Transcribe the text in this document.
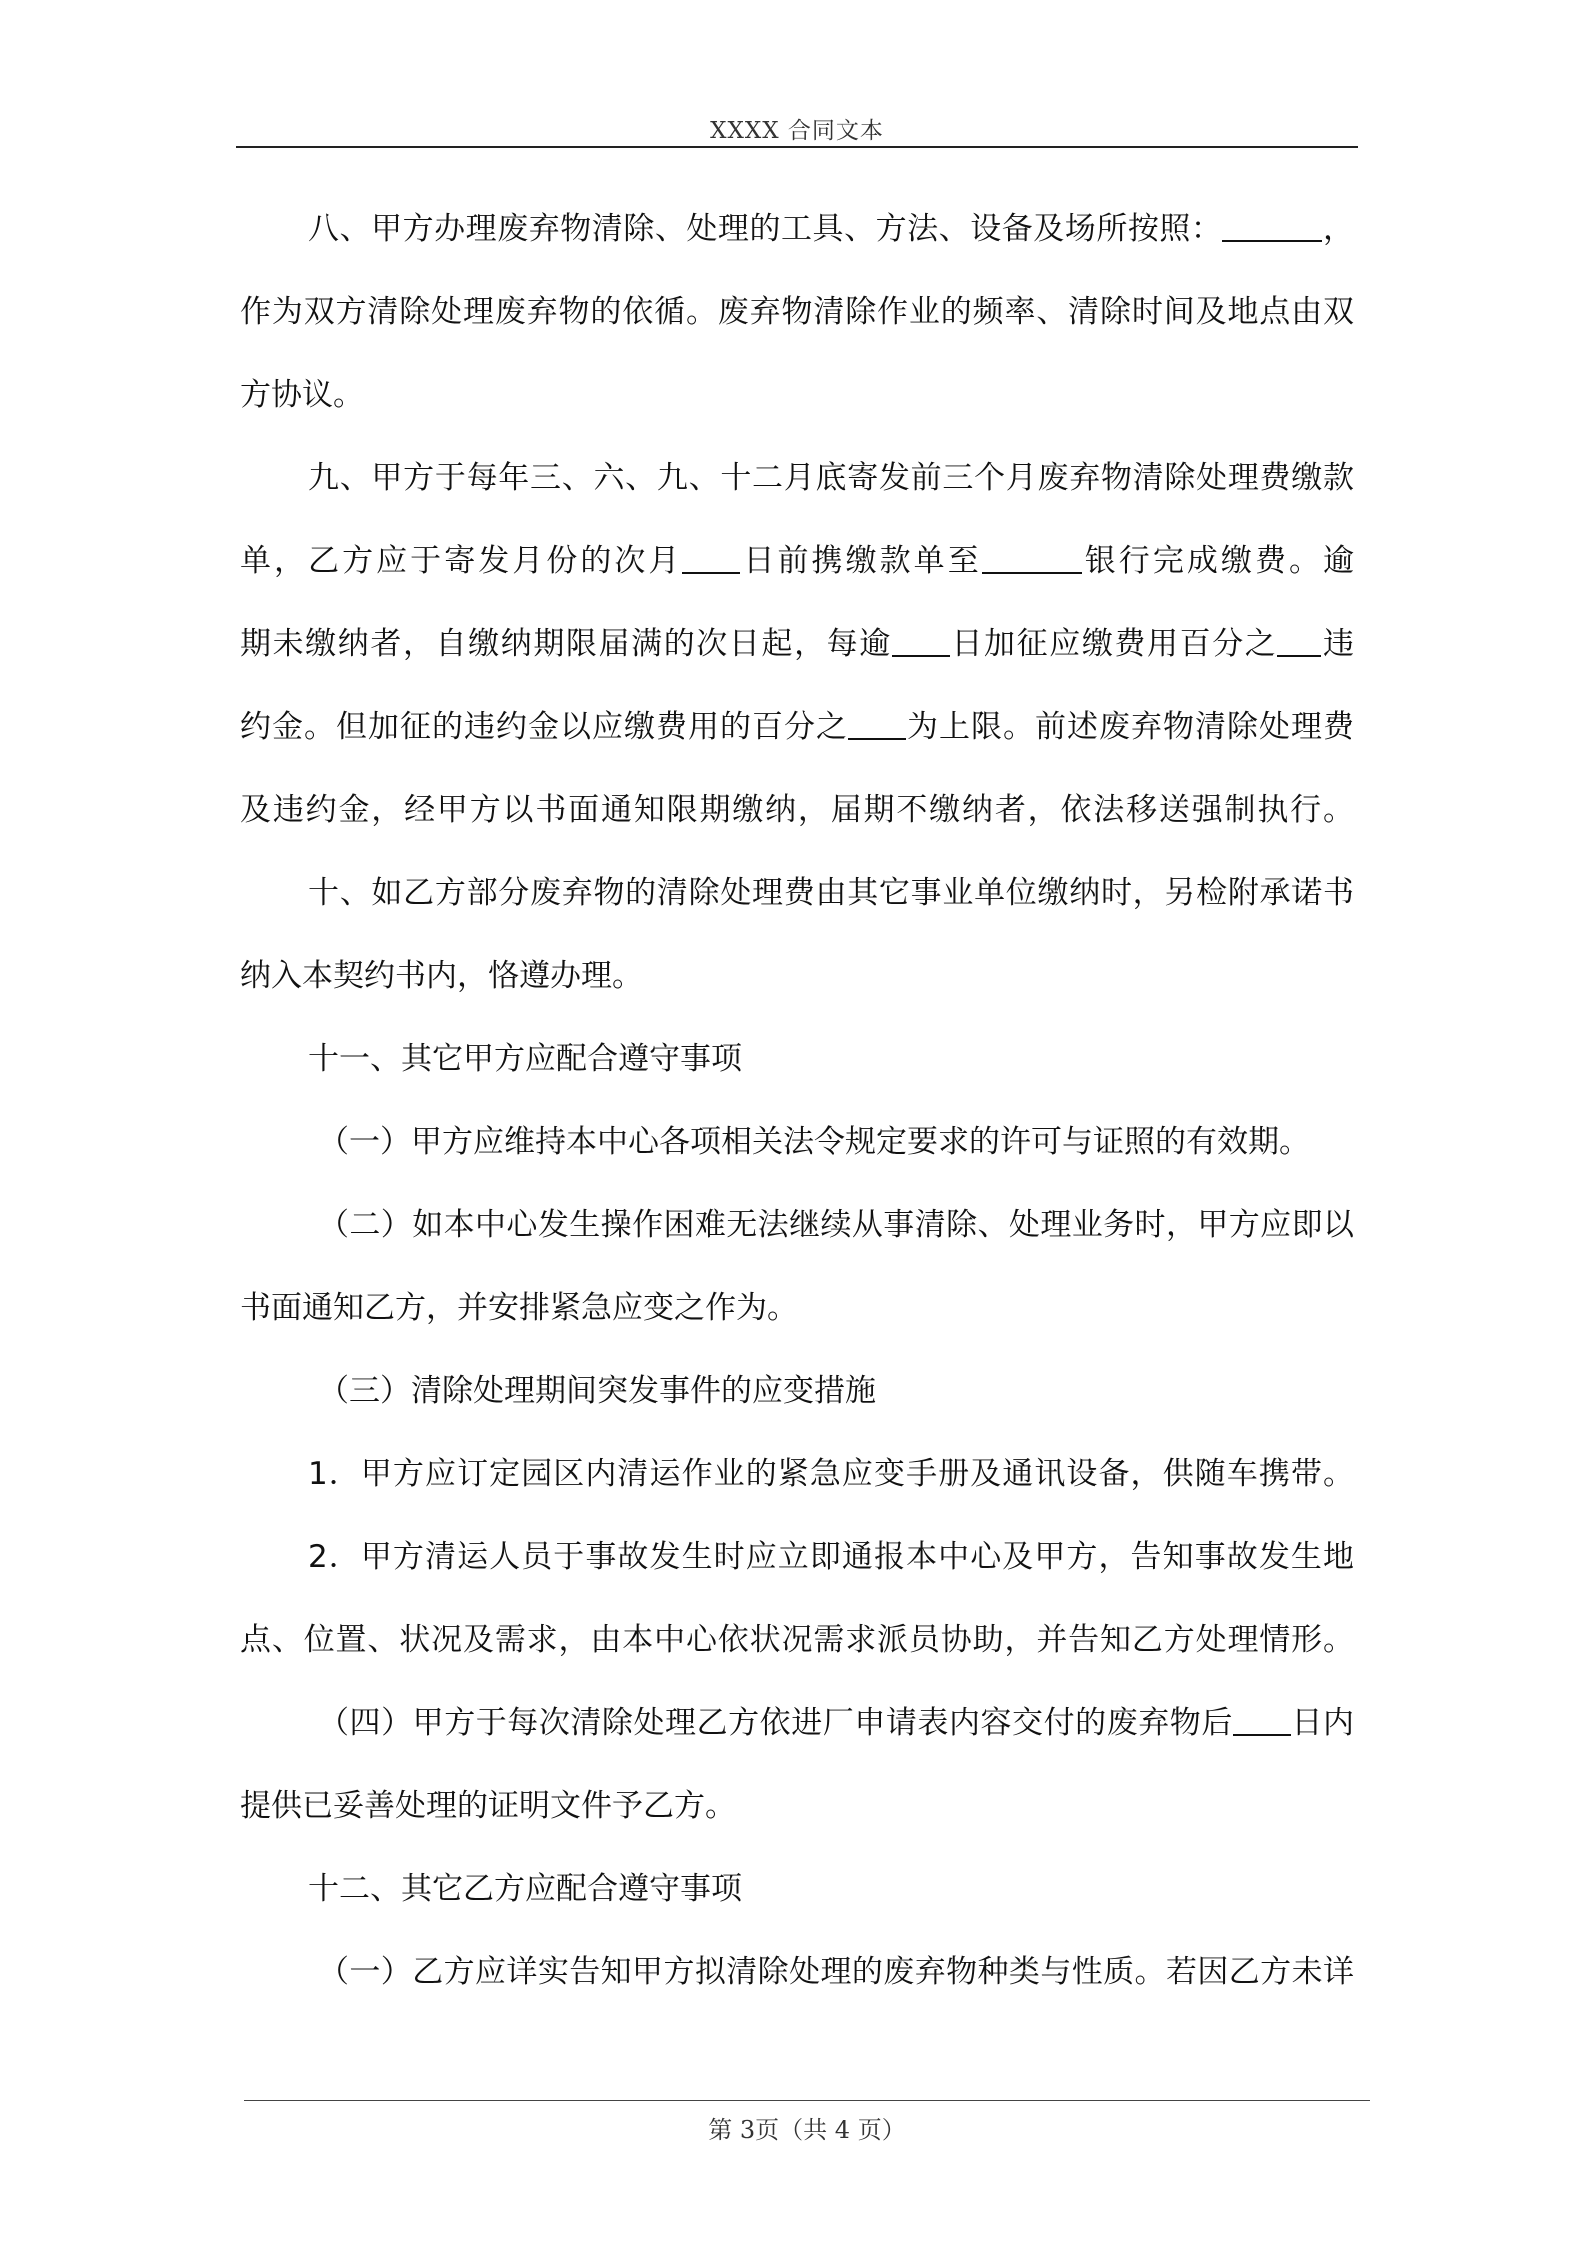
XXXX 合同文本
八、甲方办理废弃物清除、处理的工具、方法、设备及场所按照：	，
作为双方清除处理废弃物的依循。废弃物清除作业的频率、清除时间及地点由双
方协议。
九、甲方于每年三、六、九、十二月底寄发前三个月废弃物清除处理费缴款
单，乙方应于寄发月份的次月 日前携缴款单至	银行完成缴费。逾
期未缴纳者，自缴纳期限届满的次日起，每逾 日加征应缴费用百分之 违
约金。但加征的违约金以应缴费用的百分之 为上限。前述废弃物清除处理费
及违约金，经甲方以书面通知限期缴纳，届期不缴纳者，依法移送强制执行。
十、如乙方部分废弃物的清除处理费由其它事业单位缴纳时，另检附承诺书
纳入本契约书内，恪遵办理。
十一、其它甲方应配合遵守事项
（一）甲方应维持本中心各项相关法令规定要求的许可与证照的有效期。
（二）如本中心发生操作困难无法继续从事清除、处理业务时，甲方应即以
书面通知乙方，并安排紧急应变之作为。
（三）清除处理期间突发事件的应变措施
1．甲方应订定园区内清运作业的紧急应变手册及通讯设备，供随车携带。
2．甲方清运人员于事故发生时应立即通报本中心及甲方，告知事故发生地
点、位置、状况及需求，由本中心依状况需求派员协助，并告知乙方处理情形。
（四）甲方于每次清除处理乙方依进厂申请表内容交付的废弃物后 日内
提供已妥善处理的证明文件予乙方。
十二、其它乙方应配合遵守事项
（一）乙方应详实告知甲方拟清除处理的废弃物种类与性质。若因乙方未详
第 3页（共 4 页）
